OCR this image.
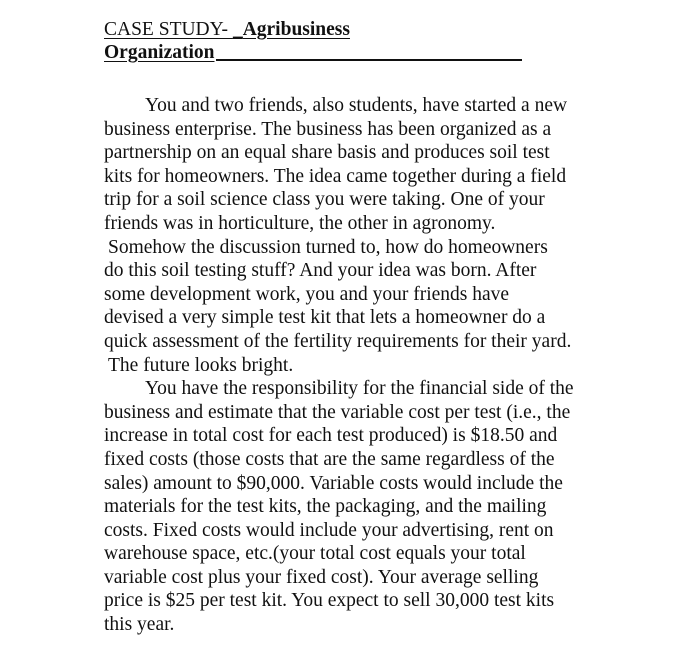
CASE STUDY- _Agribusiness
Organization
You and two friends, also students, have started a new
business enterprise. The business has been organized as a
partnership on an equal share basis and produces soil test
kits for homeowners. The idea came together during a field
trip for a soil science class you were taking. One of your
friends was in horticulture, the other in agronomy.
Somehow the discussion turned to, how do homeowners
do this soil testing stuff? And your idea was born. After
some development work, you and your friends have
devised a very simple test kit that lets a homeowner do a
quick assessment of the fertility requirements for their yard.
The future looks bright.
You have the responsibility for the financial side of the
business and estimate that the variable cost per test (i.e., the
increase in total cost for each test produced) is $18.50 and
fixed costs (those costs that are the same regardless of the
sales) amount to $90,000. Variable costs would include the
materials for the test kits, the packaging, and the mailing
costs. Fixed costs would include your advertising, rent on
warehouse space, etc.(your total cost equals your total
variable cost plus your fixed cost). Your average selling
price is $25 per test kit. You expect to sell 30,000 test kits
this year.
